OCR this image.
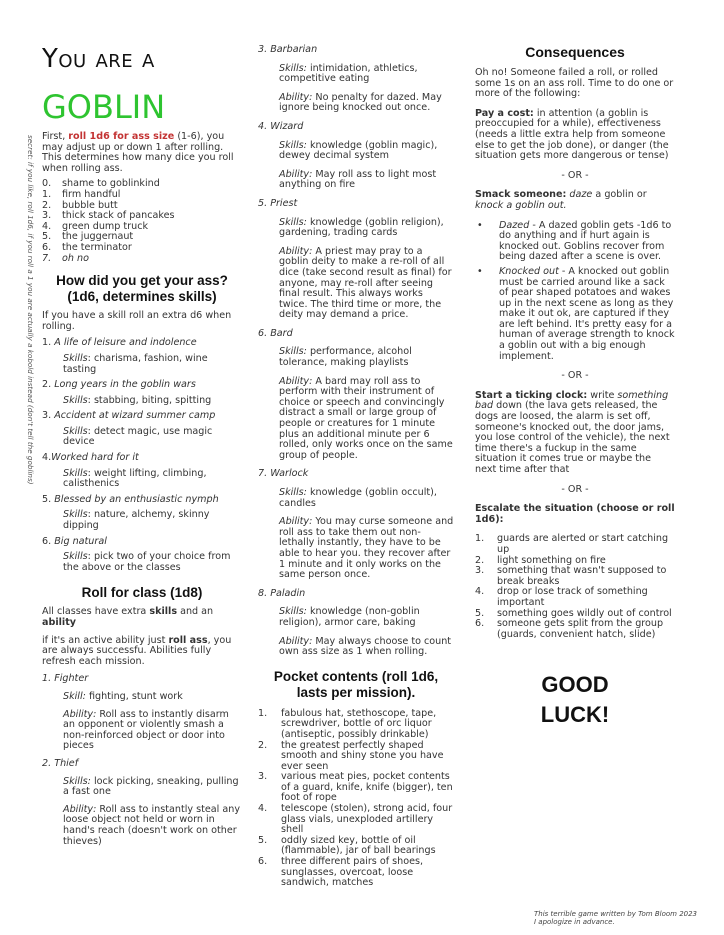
You are a
goblin
secret: if you like, roll 1d6, if you roll a 1 you are actually a kobold instead (don't tell the goblins) First, roll 1d6 for ass size (1-6), you may adjust up or down 1 after rolling. This determines how many dice you roll when rolling ass.

0.	shame to goblinkind
1.	firm handful
2.	bubble butt
3.	thick stack of pancakes
4.	green dump truck
5.	the juggernaut
6.	the terminator
7.	oh no
How did you get your ass? (1d6, determines skills)

If you have a skill roll an extra d6 when rolling.

1. A life of leisure and indolence

Skills: charisma, fashion, wine tasting

2. Long years in the goblin wars

Skills: stabbing, biting, spitting

3. Accident at wizard summer camp

Skills: detect magic, use magic device

4.Worked hard for it

Skills: weight lifting, climbing, calisthenics

5. Blessed by an enthusiastic nymph

Skills: nature, alchemy, skinny dipping

6. Big natural

Skills: pick two of your choice from the above or the classes

Roll for class (1d8)

All classes have extra skills and an ability

if it's an active ability just roll ass, you are always successfu. Abilities fully refresh each mission.

1. Fighter

Skill: fighting, stunt work

Ability: Roll ass to instantly disarm an opponent or violently smash a non-reinforced object or door into pieces

2. Thief

Skills: lock picking, sneaking, pulling a fast one

Ability: Roll ass to instantly steal any loose object not held or worn in hand's reach (doesn't work on other thieves)

3. Barbarian

Skills: intimidation, athletics, competitive eating

Ability: No penalty for dazed. May ignore being knocked out once.

4. Wizard

Skills: knowledge (goblin magic), dewey decimal system

Ability: May roll ass to light most anything on fire

5. Priest

Skills: knowledge (goblin religion), gardening, trading cards

Ability: A priest may pray to a goblin deity to make a re-roll of all dice (take second result as final) for anyone, may re-roll after seeing final result. This always works twice. The third time or more, the deity may demand a price.

6. Bard

Skills: performance, alcohol tolerance, making playlists

Ability: A bard may roll ass to perform with their instrument of choice or speech and convincingly distract a small or large group of people or creatures for 1 minute plus an additional minute per 6 rolled, only works once on the same group of people.

7. Warlock

Skills: knowledge (goblin occult), candles

Ability: You may curse someone and roll ass to take them out non-lethally instantly, they have to be able to hear you. they recover after 1 minute and it only works on the same person once.

8. Paladin

Skills: knowledge (non-goblin religion), armor care, baking

Ability: May always choose to count own ass size as 1 when rolling.

Pocket contents (roll 1d6, lasts per mission).
1.	fabulous hat, stethoscope, tape, screwdriver, bottle of orc liquor (antiseptic, possibly drinkable)
2.	the greatest perfectly shaped smooth and shiny stone you have ever seen
3.	various meat pies, pocket contents of a guard, knife, knife (bigger), ten foot of rope
4.	telescope (stolen), strong acid, four glass vials, unexploded artillery shell
5.	oddly sized key, bottle of oil (flammable), jar of ball bearings
6.	three different pairs of shoes, sunglasses, overcoat, loose sandwich, matches
Consequences

Oh no! Someone failed a roll, or rolled some 1s on an ass roll. Time to do one or more of the following:

Pay a cost: in attention (a goblin is preoccupied for a while), effectiveness (needs a little extra help from someone else to get the job done), or danger (the situation gets more dangerous or tense)

- OR -

Smack someone: daze a goblin or knock a goblin out.

•	Dazed - A dazed goblin gets -1d6 to do anything and if hurt again is knocked out. Goblins recover from being dazed after a scene is over.
•	Knocked out - A knocked out goblin must be carried around like a sack of pear shaped potatoes and wakes up in the next scene as long as they make it out ok, are captured if they are left behind. It's pretty easy for a human of average strength to knock a goblin out with a big enough implement.

- OR -

Start a ticking clock: write something bad down (the lava gets released, the dogs are loosed, the alarm is set off, someone's knocked out, the door jams, you lose control of the vehicle), the next time there's a fuckup in the same situation it comes true or maybe the next time after that

- OR -

Escalate the situation (choose or roll 1d6):

1.	guards are alerted or start catching up
2.	light something on fire
3.	something that wasn't supposed to break breaks
4.	drop or lose track of something important
5.	something goes wildly out of control
6.	someone gets split from the group (guards, convenient hatch, slide)
GOOD
LUCK!
This terrible game written by Tom Bloom 2023
I apologize in advance.
